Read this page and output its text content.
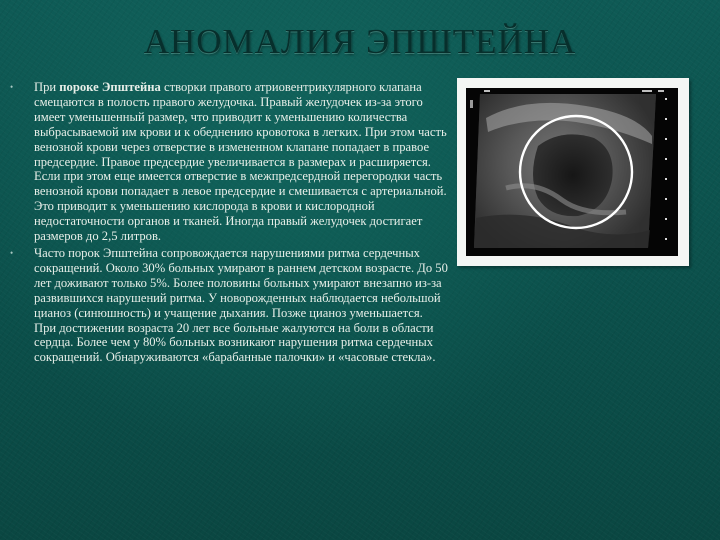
АНОМАЛИЯ ЭПШТЕЙНА
•	При пороке Эпштейна створки правого атриовентрикулярного клапана смещаются в полость правого желудочка. Правый желудочек из-за этого имеет уменьшенный размер, что приводит к уменьшению количества выбрасываемой им крови и к обеднению кровотока в легких. При этом часть венозной крови через отверстие в измененном клапане попадает в правое предсердие. Правое предсердие увеличивается в размерах и расширяется. Если при этом еще имеется отверстие в межпредсердной перегородки часть венозной крови попадает в левое предсердие и смешивается с артериальной. Это приводит к уменьшению кислорода в крови и кислородной недостаточности органов и тканей. Иногда правый желудочек достигает размеров до 2,5 литров.
•	Часто порок Эпштейна сопровождается нарушениями ритма сердечных сокращений. Около 30% больных умирают в раннем детском возрасте. До 50 лет доживают только 5%. Более половины больных умирают внезапно из-за развившихся нарушений ритма. У новорожденных наблюдается небольшой цианоз (синюшность) и учащение дыхания. Позже цианоз уменьшается. При достижении возраста 20 лет все больные жалуются на боли в области сердца. Более чем у 80% больных возникают нарушения ритма сердечных сокращений. Обнаруживаются «барабанные палочки» и «часовые стекла».
